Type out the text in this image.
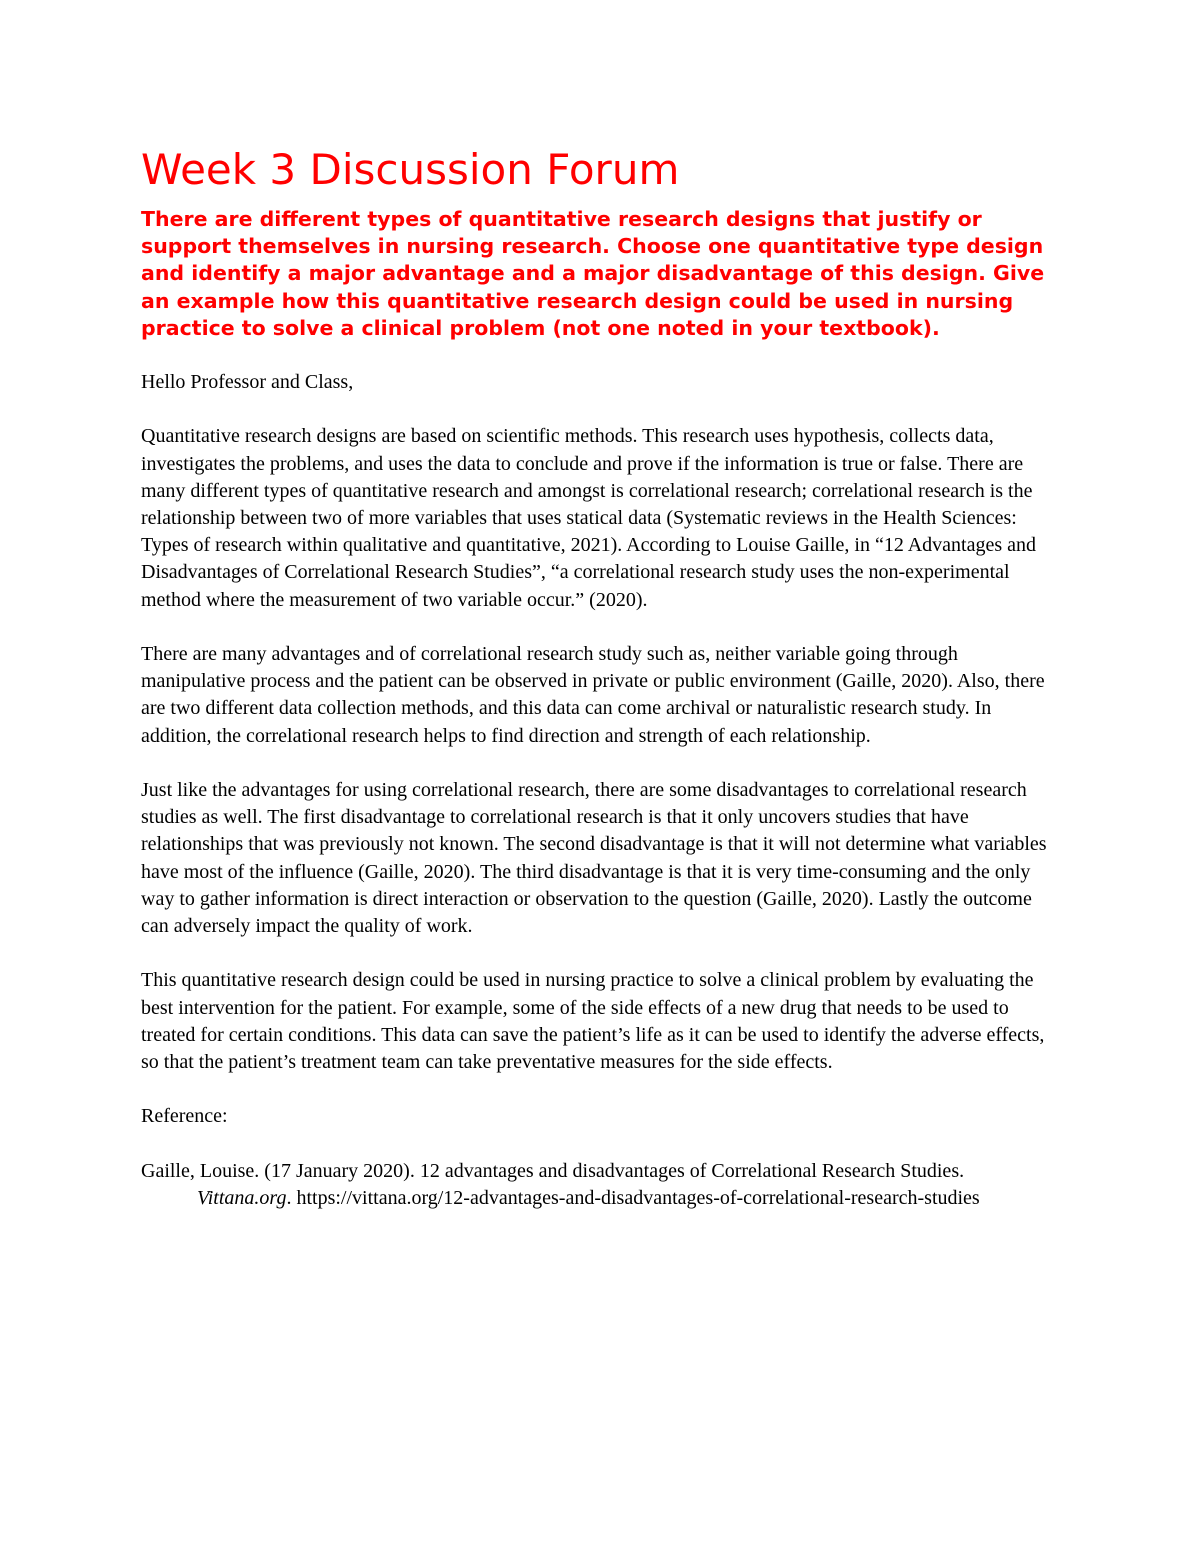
Week 3 Discussion Forum

There are different types of quantitative research designs that justify or support themselves in nursing research. Choose one quantitative type design and identify a major advantage and a major disadvantage of this design. Give an example how this quantitative research design could be used in nursing practice to solve a clinical problem (not one noted in your textbook).

Hello Professor and Class,

Quantitative research designs are based on scientific methods. This research uses hypothesis, collects data, investigates the problems, and uses the data to conclude and prove if the information is true or false. There are many different types of quantitative research and amongst is correlational research; correlational research is the relationship between two of more variables that uses statical data (Systematic reviews in the Health Sciences: Types of research within qualitative and quantitative, 2021). According to Louise Gaille, in “12 Advantages and Disadvantages of Correlational Research Studies”, “a correlational research study uses the non-experimental method where the measurement of two variable occur.” (2020).

There are many advantages and of correlational research study such as, neither variable going through manipulative process and the patient can be observed in private or public environment (Gaille, 2020). Also, there are two different data collection methods, and this data can come archival or naturalistic research study. In addition, the correlational research helps to find direction and strength of each relationship.

Just like the advantages for using correlational research, there are some disadvantages to correlational research studies as well. The first disadvantage to correlational research is that it only uncovers studies that have relationships that was previously not known. The second disadvantage is that it will not determine what variables have most of the influence (Gaille, 2020). The third disadvantage is that it is very time-consuming and the only way to gather information is direct interaction or observation to the question (Gaille, 2020). Lastly the outcome can adversely impact the quality of work.

This quantitative research design could be used in nursing practice to solve a clinical problem by evaluating the best intervention for the patient. For example, some of the side effects of a new drug that needs to be used to treated for certain conditions. This data can save the patient’s life as it can be used to identify the adverse effects, so that the patient’s treatment team can take preventative measures for the side effects.

Reference:

Gaille, Louise. (17 January 2020). 12 advantages and disadvantages of Correlational Research Studies. Vittana.org. https://vittana.org/12-advantages-and-disadvantages-of-correlational-research-studies
